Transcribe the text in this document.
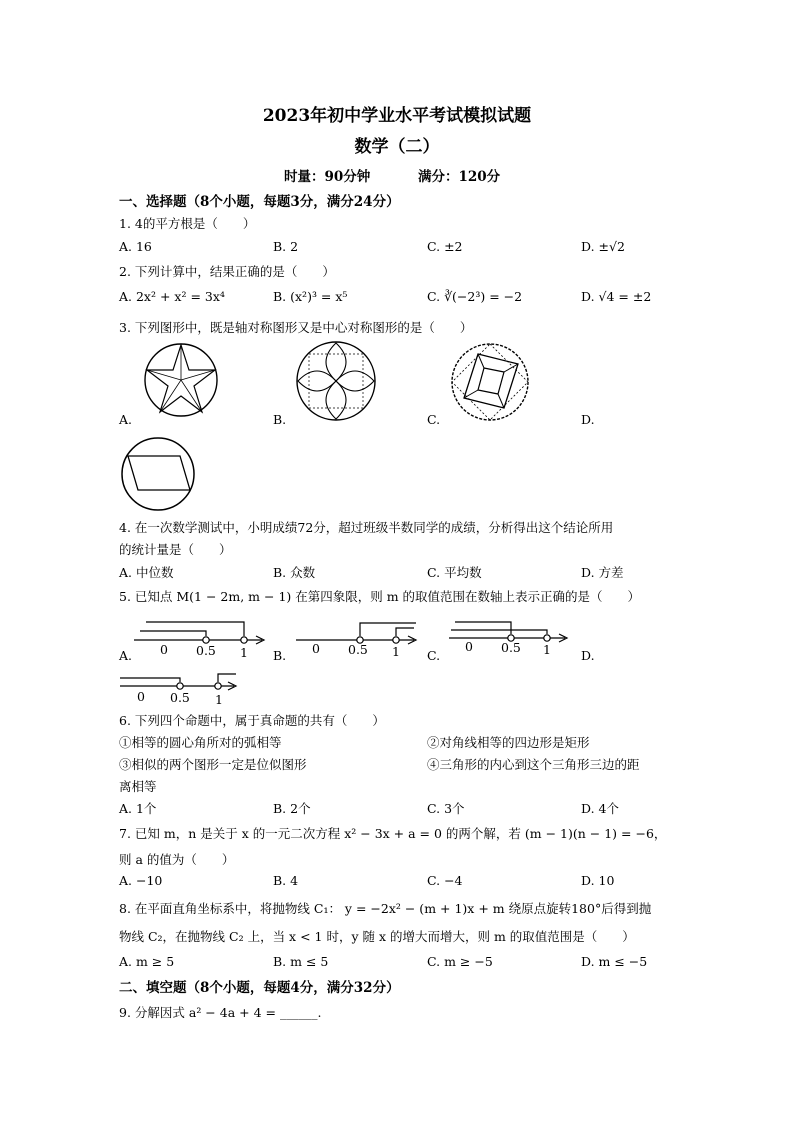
2023年初中学业水平考试模拟试题
数学（二）
时量：90分钟	满分：120分
一、选择题（8个小题，每题3分，满分24分）
1. 4的平方根是（　　）
A. 16	B. 2	C. ±2	D. ±√2
2. 下列计算中，结果正确的是（　　）
A. 2x² + x² = 3x⁴	B. (x²)³ = x⁵	C. ∛(−2³) = −2	D. √4 = ±2
3. 下列图形中，既是轴对称图形又是中心对称图形的是（　　）
A.	B.	C.	D.
4. 在一次数学测试中，小明成绩72分，超过班级半数同学的成绩，分析得出这个结论所用
的统计量是（　　）
A. 中位数	B. 众数	C. 平均数	D. 方差
5. 已知点 M(1 − 2m, m − 1) 在第四象限，则 m 的取值范围在数轴上表示正确的是（　　）
A. 0 0.5 1 B. 0 0.5 1 C.
0 0.5 1 D.
0 0.5 1
6. 下列四个命题中，属于真命题的共有（　　）
①相等的圆心角所对的弧相等	②对角线相等的四边形是矩形
③相似的两个图形一定是位似图形	④三角形的内心到这个三角形三边的距
离相等
A. 1个	B. 2个	C. 3个	D. 4个
7. 已知 m，n 是关于 x 的一元二次方程 x² − 3x + a = 0 的两个解，若 (m − 1)(n − 1) = −6，
则 a 的值为（　　）
A. −10	B. 4	C. −4	D. 10
8. 在平面直角坐标系中，将抛物线 C₁： y = −2x² − (m + 1)x + m 绕原点旋转180°后得到抛
物线 C₂，在抛物线 C₂ 上，当 x < 1 时，y 随 x 的增大而增大，则 m 的取值范围是（　　）
A. m ≥ 5	B. m ≤ 5	C. m ≥ −5	D. m ≤ −5
二、填空题（8个小题，每题4分，满分32分）
9. 分解因式 a² − 4a + 4 = ______.
